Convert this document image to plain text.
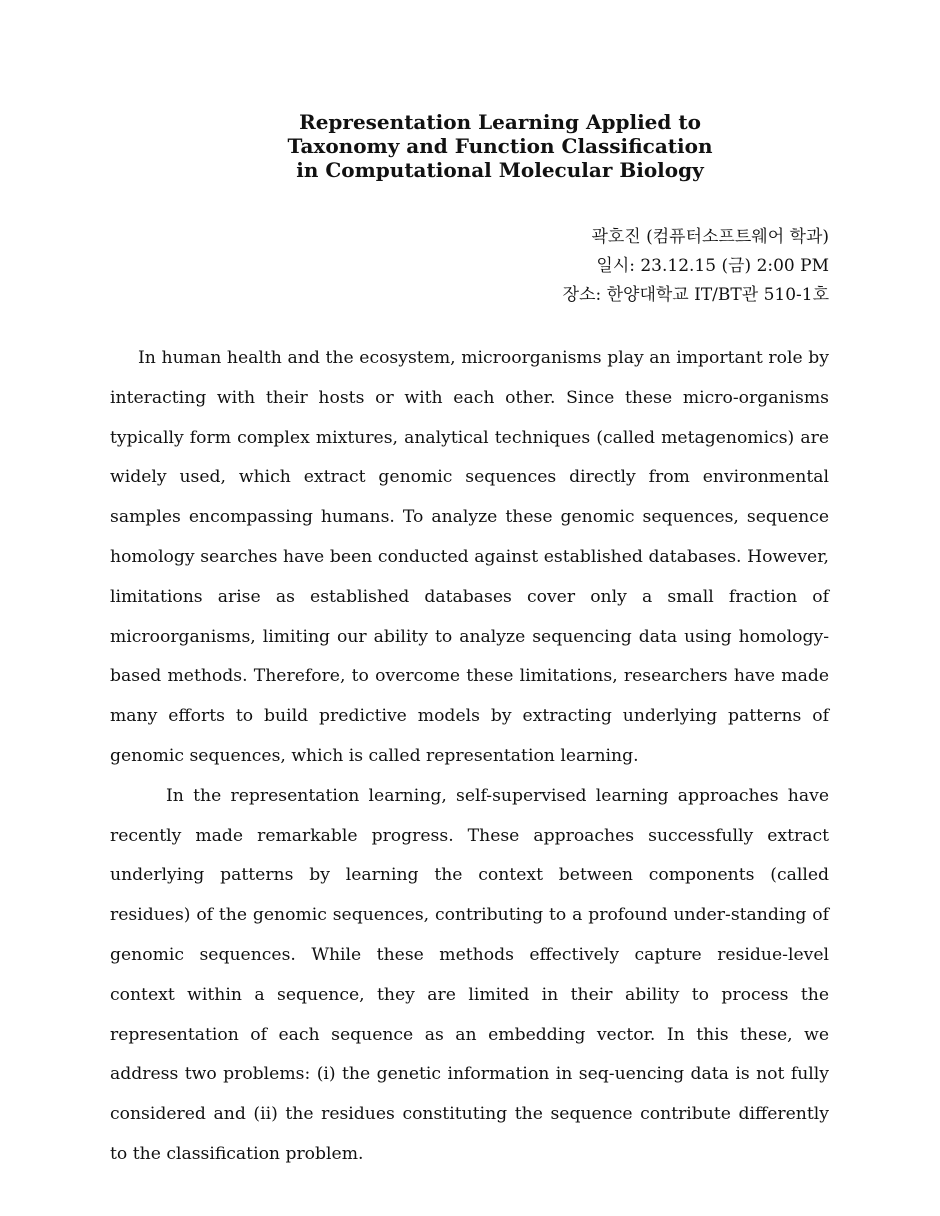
Representation Learning Applied to
Taxonomy and Function Classification
in Computational Molecular Biology
곽호진 (컴퓨터소프트웨어 학과)
일시: 23.12.15 (금) 2:00 PM
장소: 한양대학교 IT/BT관 510-1호

In human health and the ecosystem, microorganisms play an important role by interacting with their hosts or with each other. Since these micro-organisms typically form complex mixtures, analytical techniques (called metagenomics) are widely used, which extract genomic sequences directly from environmental samples encompassing humans. To analyze these genomic sequences, sequence homology searches have been conducted against established databases. However, limitations arise as established databases cover only a small fraction of microorganisms, limiting our ability to analyze sequencing data using homology-based methods. Therefore, to overcome these limitations, researchers have made many efforts to build predictive models by extracting underlying patterns of genomic sequences, which is called representation learning.

In the representation learning, self-supervised learning approaches have recently made remarkable progress. These approaches successfully extract underlying patterns by learning the context between components (called residues) of the genomic sequences, contributing to a profound under-standing of genomic sequences. While these methods effectively capture residue-level context within a sequence, they are limited in their ability to process the representation of each sequence as an embedding vector. In this these, we address two problems: (i) the genetic information in seq-uencing data is not fully considered and (ii) the residues constituting the sequence contribute differently to the classification problem.
